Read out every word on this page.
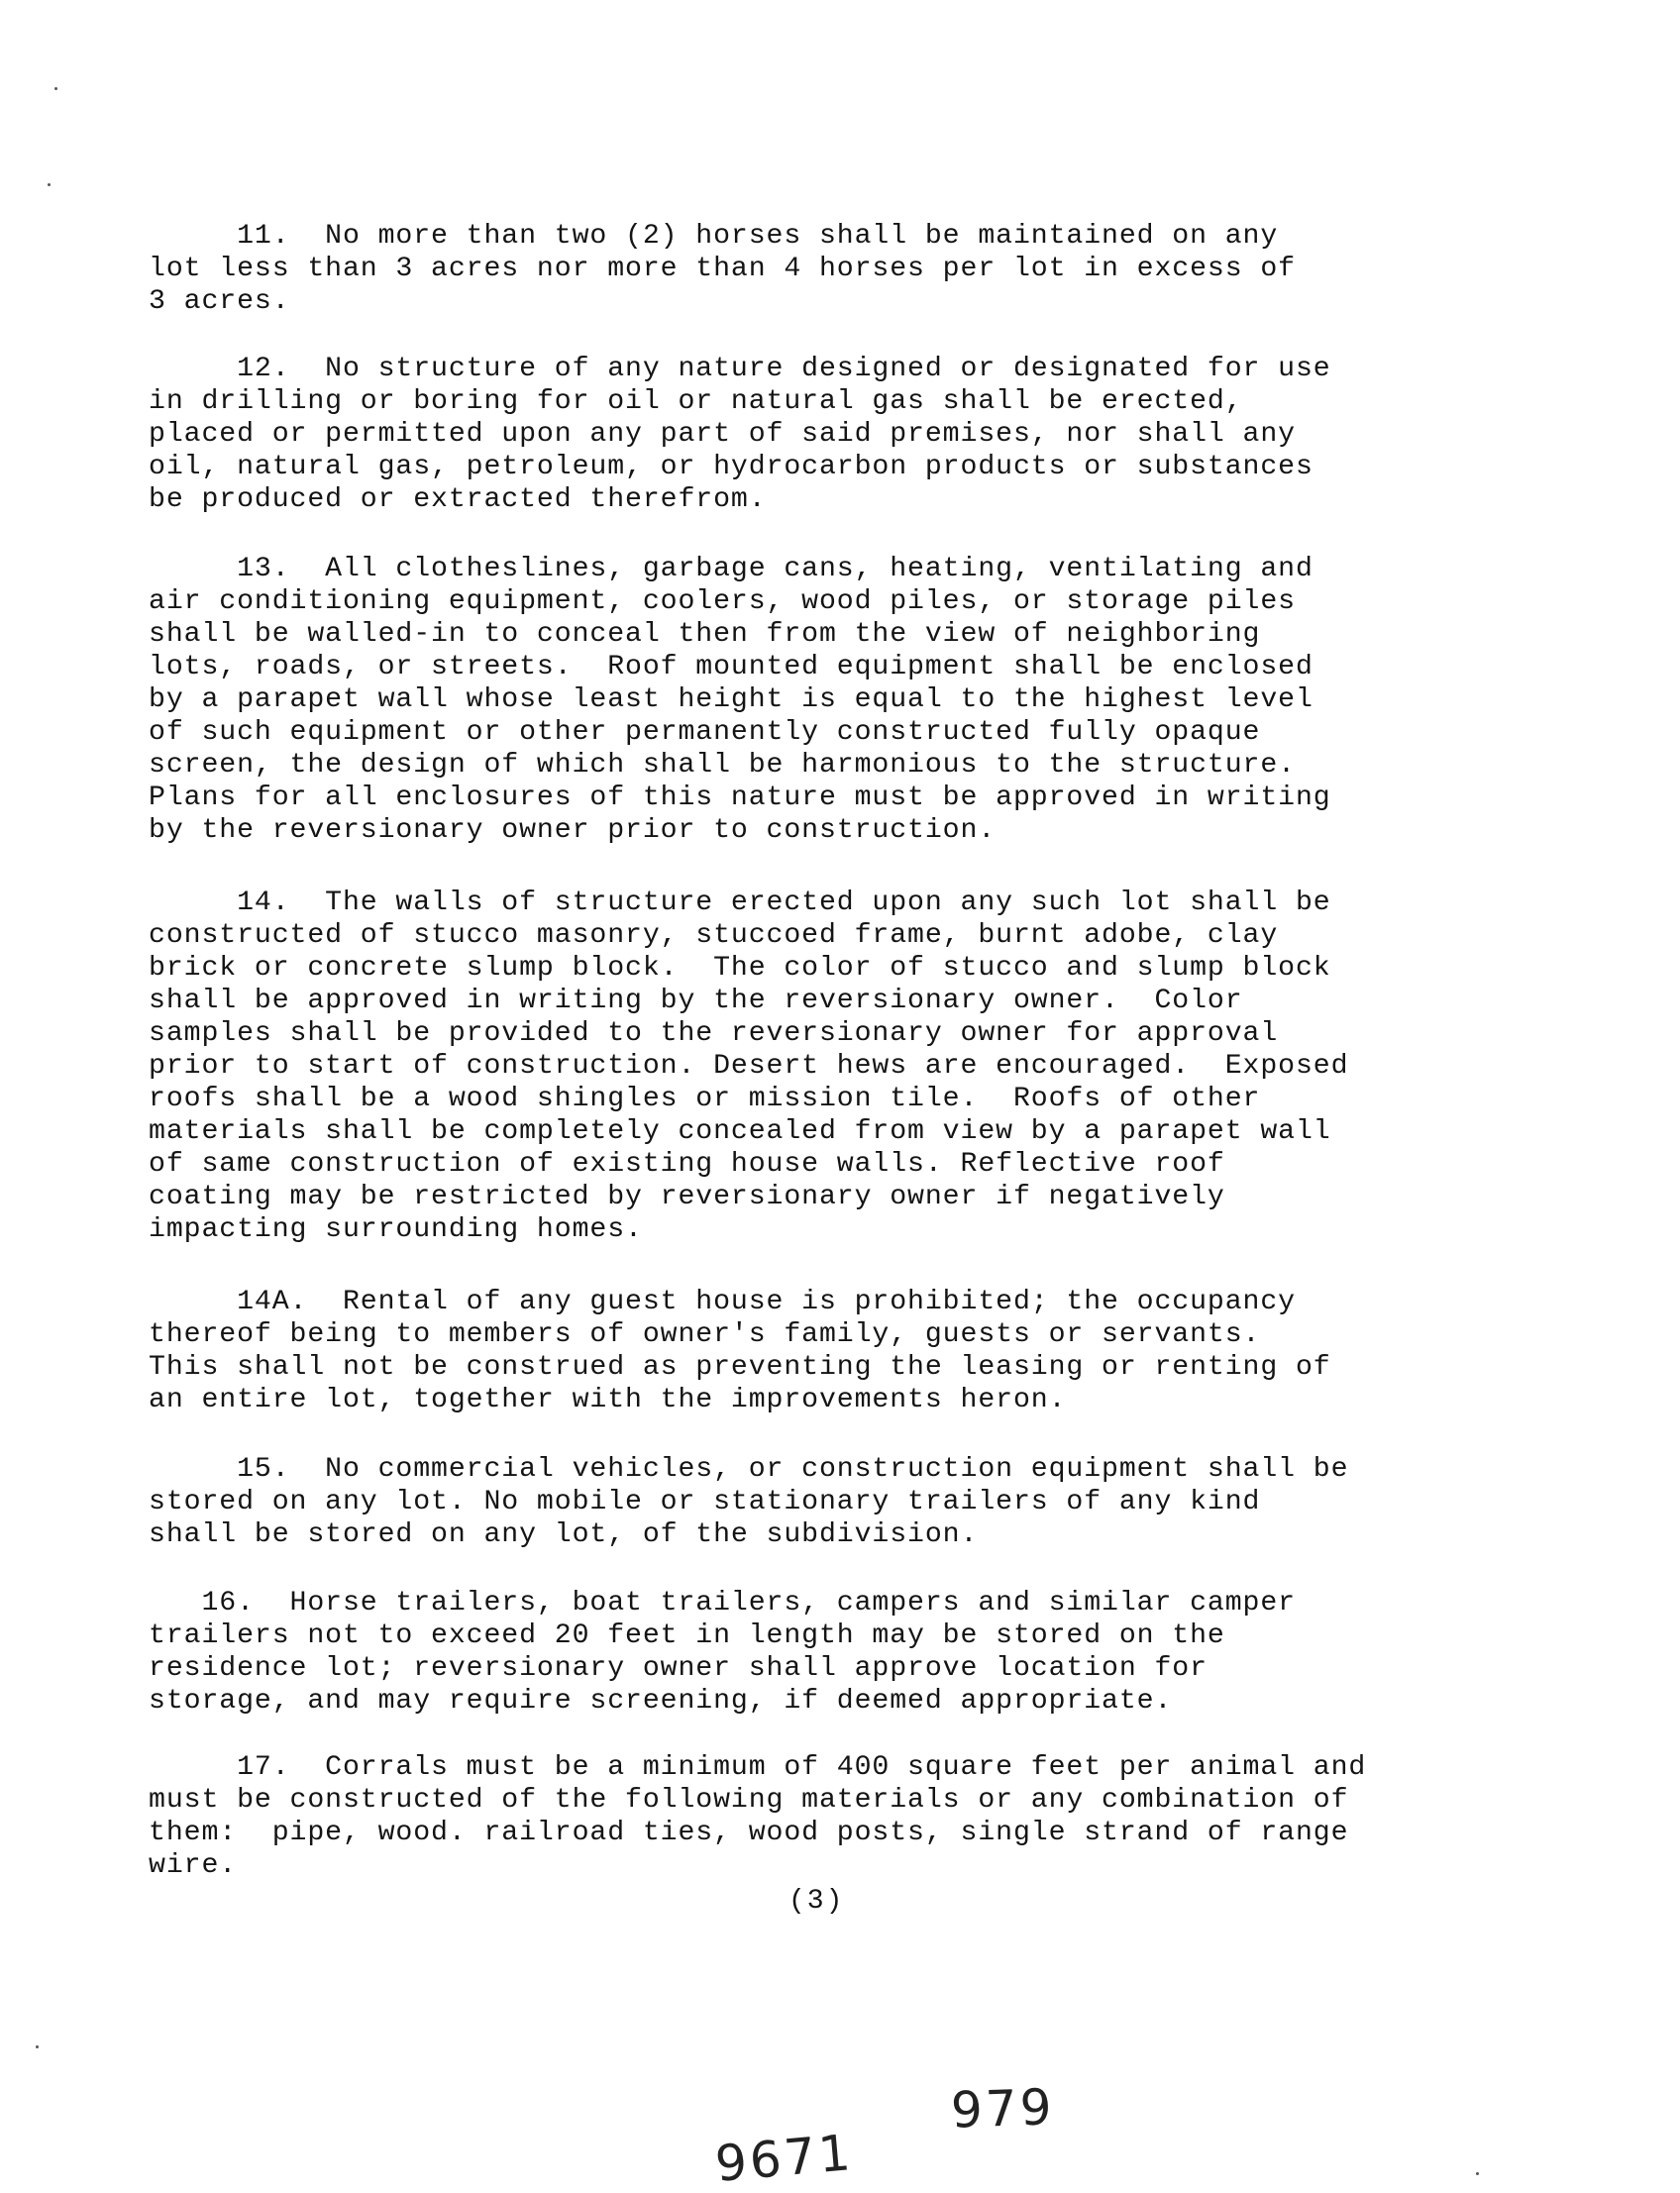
11.  No more than two (2) horses shall be maintained on any
lot less than 3 acres nor more than 4 horses per lot in excess of
3 acres.
12.  No structure of any nature designed or designated for use
in drilling or boring for oil or natural gas shall be erected,
placed or permitted upon any part of said premises, nor shall any
oil, natural gas, petroleum, or hydrocarbon products or substances
be produced or extracted therefrom.
13.  All clotheslines, garbage cans, heating, ventilating and
air conditioning equipment, coolers, wood piles, or storage piles
shall be walled-in to conceal then from the view of neighboring
lots, roads, or streets.  Roof mounted equipment shall be enclosed
by a parapet wall whose least height is equal to the highest level
of such equipment or other permanently constructed fully opaque
screen, the design of which shall be harmonious to the structure.
Plans for all enclosures of this nature must be approved in writing
by the reversionary owner prior to construction.
14.  The walls of structure erected upon any such lot shall be
constructed of stucco masonry, stuccoed frame, burnt adobe, clay
brick or concrete slump block.  The color of stucco and slump block
shall be approved in writing by the reversionary owner.  Color
samples shall be provided to the reversionary owner for approval
prior to start of construction. Desert hews are encouraged.  Exposed
roofs shall be a wood shingles or mission tile.  Roofs of other
materials shall be completely concealed from view by a parapet wall
of same construction of existing house walls. Reflective roof
coating may be restricted by reversionary owner if negatively
impacting surrounding homes.
14A.  Rental of any guest house is prohibited; the occupancy
thereof being to members of owner's family, guests or servants.
This shall not be construed as preventing the leasing or renting of
an entire lot, together with the improvements heron.
15.  No commercial vehicles, or construction equipment shall be
stored on any lot. No mobile or stationary trailers of any kind
shall be stored on any lot, of the subdivision.
16.  Horse trailers, boat trailers, campers and similar camper
trailers not to exceed 20 feet in length may be stored on the
residence lot; reversionary owner shall approve location for
storage, and may require screening, if deemed appropriate.
17.  Corrals must be a minimum of 400 square feet per animal and
must be constructed of the following materials or any combination of
them:  pipe, wood. railroad ties, wood posts, single strand of range
wire.
(3)
9671
979
